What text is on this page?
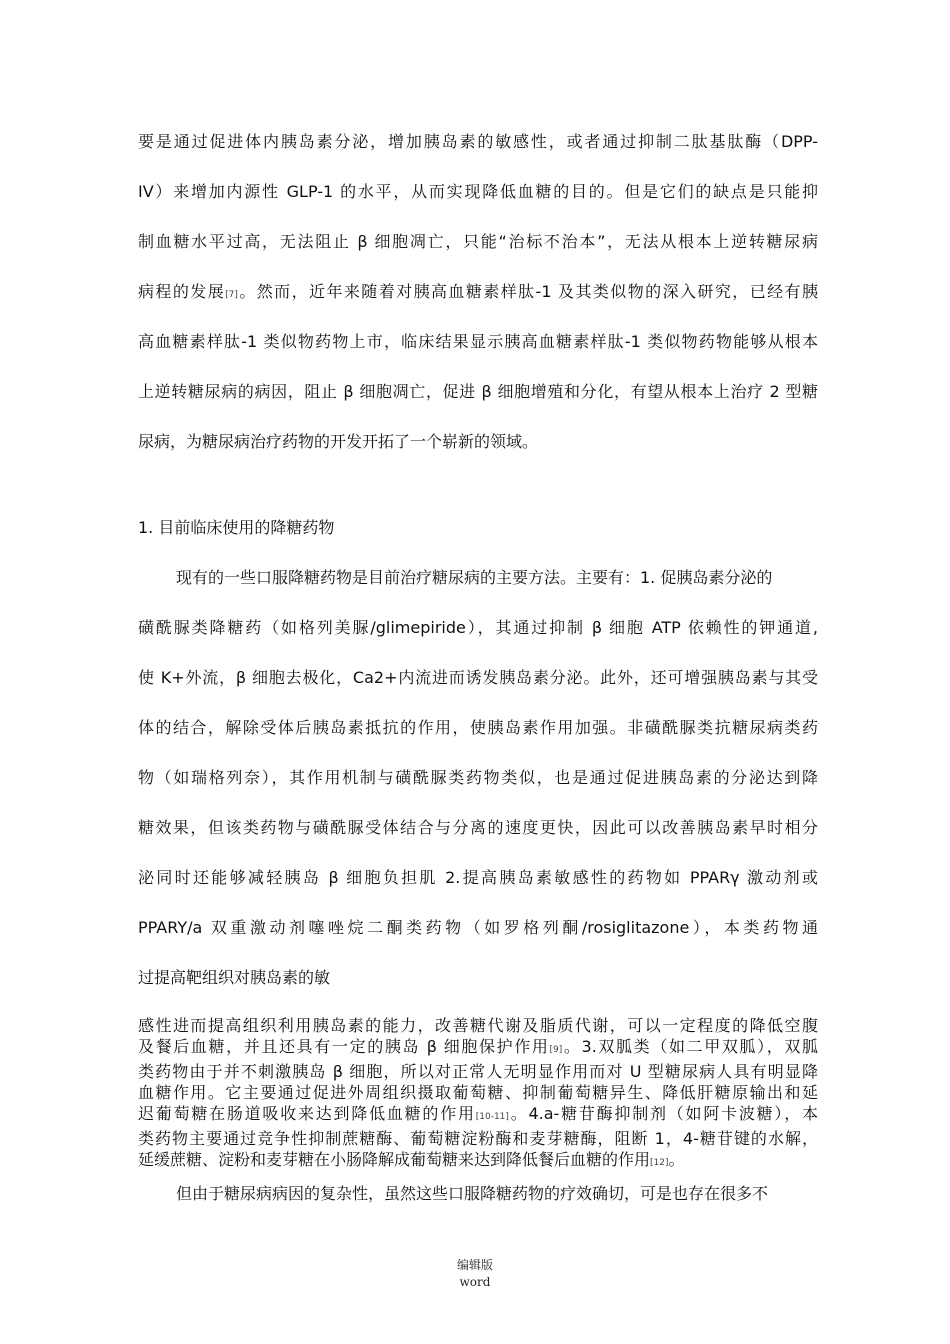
要是通过促进体内胰岛素分泌，增加胰岛素的敏感性，或者通过抑制二肽基肽酶（DPP-
IV）来增加内源性 GLP-1 的水平，从而实现降低血糖的目的。但是它们的缺点是只能抑
制血糖水平过高，无法阻止 β 细胞凋亡，只能“治标不治本”，无法从根本上逆转糖尿病
病程的发展[7]。然而，近年来随着对胰高血糖素样肽-1 及其类似物的深入研究，已经有胰
高血糖素样肽-1 类似物药物上市，临床结果显示胰高血糖素样肽-1 类似物药物能够从根本
上逆转糖尿病的病因，阻止 β 细胞凋亡，促进 β 细胞增殖和分化，有望从根本上治疗 2 型糖
尿病，为糖尿病治疗药物的开发开拓了一个崭新的领域。
1. 目前临床使用的降糖药物
现有的一些口服降糖药物是目前治疗糖尿病的主要方法。主要有：1. 促胰岛素分泌的
磺酰脲类降糖药（如格列美脲/glimepiride），其通过抑制 β 细胞 ATP 依赖性的钾通道,
使 K+外流，β 细胞去极化，Ca2+内流进而诱发胰岛素分泌。此外，还可增强胰岛素与其受
体的结合，解除受体后胰岛素抵抗的作用，使胰岛素作用加强。非磺酰脲类抗糖尿病类药
物（如瑞格列奈），其作用机制与磺酰脲类药物类似，也是通过促进胰岛素的分泌达到降
糖效果，但该类药物与磺酰脲受体结合与分离的速度更快，因此可以改善胰岛素早时相分
泌同时还能够减轻胰岛 β 细胞负担肌 2.提高胰岛素敏感性的药物如 PPARγ 激动剂或
PPARY/a 双重激动剂噻唑烷二酮类药物（如罗格列酮/rosiglitazone），本类药物通
过提高靶组织对胰岛素的敏

感性进而提高组织利用胰岛素的能力，改善糖代谢及脂质代谢，可以一定程度的降低空腹

及餐后血糖，并且还具有一定的胰岛 β 细胞保护作用[9]。3.双胍类（如二甲双胍），双胍

类药物由于并不刺激胰岛 β 细胞，所以对正常人无明显作用而对 U 型糖尿病人具有明显降

血糖作用。它主要通过促进外周组织摄取葡萄糖、抑制葡萄糖异生、降低肝糖原输出和延

迟葡萄糖在肠道吸收来达到降低血糖的作用[10-11]。4.a-糖苷酶抑制剂（如阿卡波糖），本

类药物主要通过竞争性抑制蔗糖酶、葡萄糖淀粉酶和麦芽糖酶，阻断 1，4-糖苷键的水解，

延缓蔗糖、淀粉和麦芽糖在小肠降解成葡萄糖来达到降低餐后血糖的作用[12]。

但由于糖尿病病因的复杂性，虽然这些口服降糖药物的疗效确切，可是也存在很多不
编辑版
word
